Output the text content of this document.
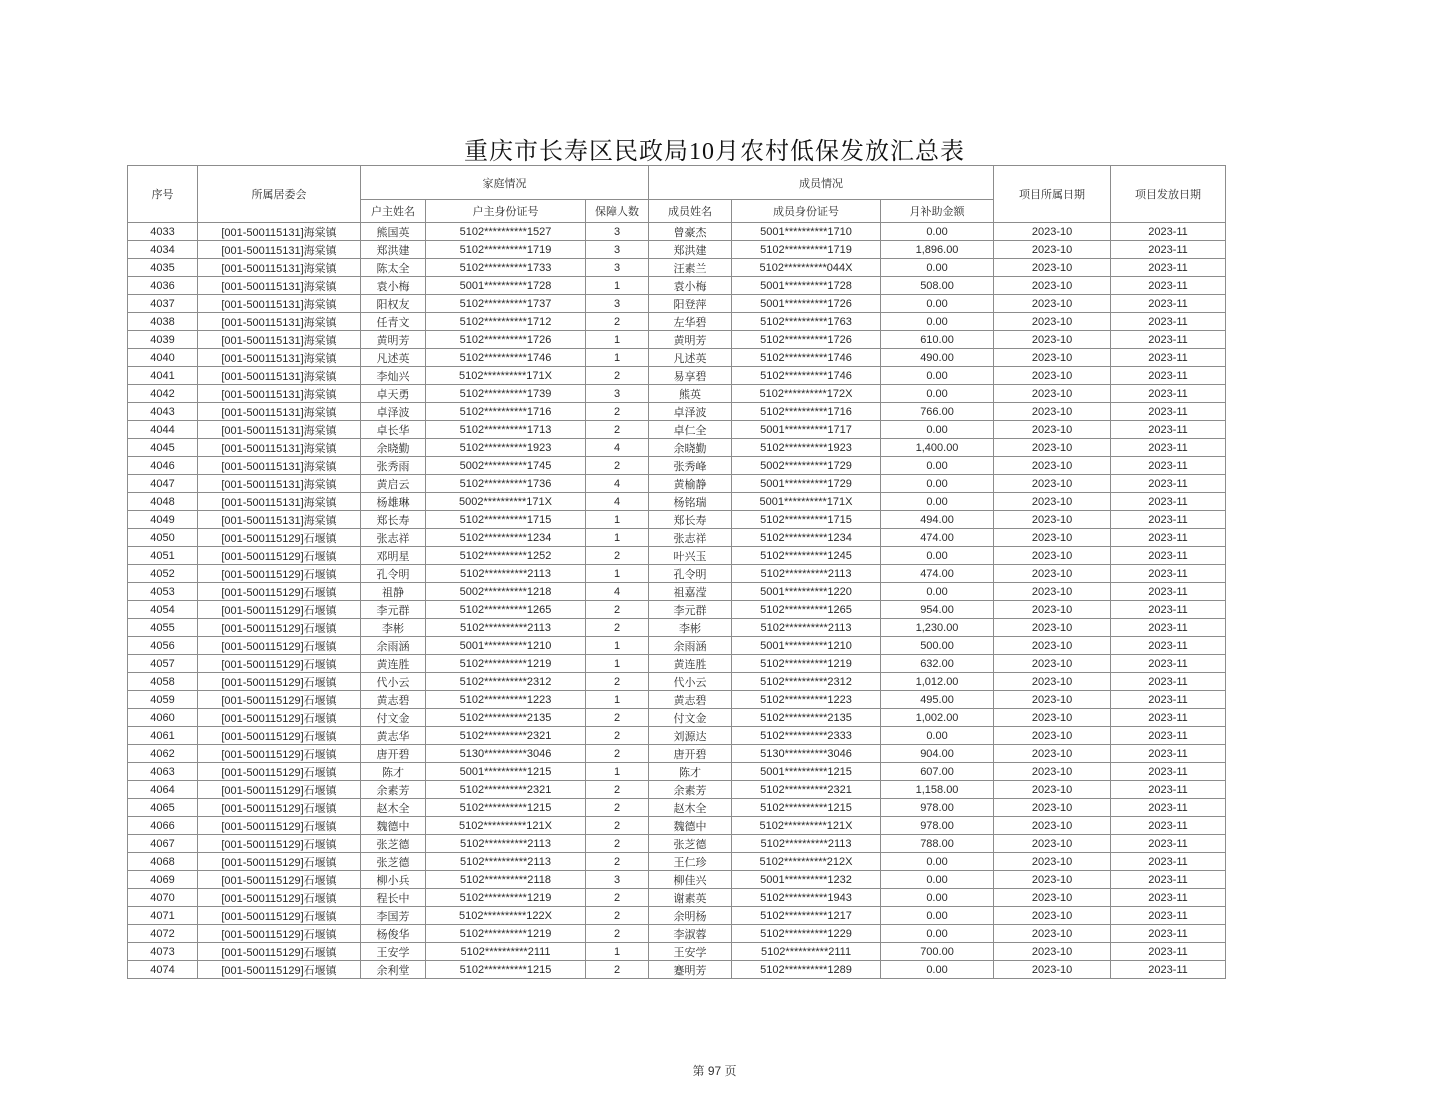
重庆市长寿区民政局10月农村低保发放汇总表
序号	所属居委会	家庭情况			成员情况			项目所属日期	项目发放日期
		户主姓名	户主身份证号	保障人数	成员姓名	成员身份证号	月补助金额		
4033	[001-500115131]海棠镇	熊国英	5102**********1527	3	曾豪杰	5001**********1710	0.00	2023-10	2023-11
4034	[001-500115131]海棠镇	郑洪建	5102**********1719	3	郑洪建	5102**********1719	1,896.00	2023-10	2023-11
4035	[001-500115131]海棠镇	陈太全	5102**********1733	3	汪素兰	5102**********044X	0.00	2023-10	2023-11
4036	[001-500115131]海棠镇	袁小梅	5001**********1728	1	袁小梅	5001**********1728	508.00	2023-10	2023-11
4037	[001-500115131]海棠镇	阳权友	5102**********1737	3	阳登萍	5001**********1726	0.00	2023-10	2023-11
4038	[001-500115131]海棠镇	任青文	5102**********1712	2	左华碧	5102**********1763	0.00	2023-10	2023-11
4039	[001-500115131]海棠镇	黄明芳	5102**********1726	1	黄明芳	5102**********1726	610.00	2023-10	2023-11
4040	[001-500115131]海棠镇	凡述英	5102**********1746	1	凡述英	5102**********1746	490.00	2023-10	2023-11
4041	[001-500115131]海棠镇	李灿兴	5102**********171X	2	易享碧	5102**********1746	0.00	2023-10	2023-11
4042	[001-500115131]海棠镇	卓天勇	5102**********1739	3	熊英	5102**********172X	0.00	2023-10	2023-11
4043	[001-500115131]海棠镇	卓泽波	5102**********1716	2	卓泽波	5102**********1716	766.00	2023-10	2023-11
4044	[001-500115131]海棠镇	卓长华	5102**********1713	2	卓仁全	5001**********1717	0.00	2023-10	2023-11
4045	[001-500115131]海棠镇	余晓勤	5102**********1923	4	余晓勤	5102**********1923	1,400.00	2023-10	2023-11
4046	[001-500115131]海棠镇	张秀雨	5002**********1745	2	张秀峰	5002**********1729	0.00	2023-10	2023-11
4047	[001-500115131]海棠镇	黄启云	5102**********1736	4	黄榆静	5001**********1729	0.00	2023-10	2023-11
4048	[001-500115131]海棠镇	杨雄琳	5002**********171X	4	杨铭瑞	5001**********171X	0.00	2023-10	2023-11
4049	[001-500115131]海棠镇	郑长寿	5102**********1715	1	郑长寿	5102**********1715	494.00	2023-10	2023-11
4050	[001-500115129]石堰镇	张志祥	5102**********1234	1	张志祥	5102**********1234	474.00	2023-10	2023-11
4051	[001-500115129]石堰镇	邓明星	5102**********1252	2	叶兴玉	5102**********1245	0.00	2023-10	2023-11
4052	[001-500115129]石堰镇	孔令明	5102**********2113	1	孔令明	5102**********2113	474.00	2023-10	2023-11
4053	[001-500115129]石堰镇	祖静	5002**********1218	4	祖嘉滢	5001**********1220	0.00	2023-10	2023-11
4054	[001-500115129]石堰镇	李元群	5102**********1265	2	李元群	5102**********1265	954.00	2023-10	2023-11
4055	[001-500115129]石堰镇	李彬	5102**********2113	2	李彬	5102**********2113	1,230.00	2023-10	2023-11
4056	[001-500115129]石堰镇	余雨涵	5001**********1210	1	余雨涵	5001**********1210	500.00	2023-10	2023-11
4057	[001-500115129]石堰镇	黄连胜	5102**********1219	1	黄连胜	5102**********1219	632.00	2023-10	2023-11
4058	[001-500115129]石堰镇	代小云	5102**********2312	2	代小云	5102**********2312	1,012.00	2023-10	2023-11
4059	[001-500115129]石堰镇	黄志碧	5102**********1223	1	黄志碧	5102**********1223	495.00	2023-10	2023-11
4060	[001-500115129]石堰镇	付文金	5102**********2135	2	付文金	5102**********2135	1,002.00	2023-10	2023-11
4061	[001-500115129]石堰镇	黄志华	5102**********2321	2	刘源达	5102**********2333	0.00	2023-10	2023-11
4062	[001-500115129]石堰镇	唐开碧	5130**********3046	2	唐开碧	5130**********3046	904.00	2023-10	2023-11
4063	[001-500115129]石堰镇	陈才	5001**********1215	1	陈才	5001**********1215	607.00	2023-10	2023-11
4064	[001-500115129]石堰镇	余素芳	5102**********2321	2	余素芳	5102**********2321	1,158.00	2023-10	2023-11
4065	[001-500115129]石堰镇	赵木全	5102**********1215	2	赵木全	5102**********1215	978.00	2023-10	2023-11
4066	[001-500115129]石堰镇	魏德中	5102**********121X	2	魏德中	5102**********121X	978.00	2023-10	2023-11
4067	[001-500115129]石堰镇	张芝德	5102**********2113	2	张芝德	5102**********2113	788.00	2023-10	2023-11
4068	[001-500115129]石堰镇	张芝德	5102**********2113	2	王仁珍	5102**********212X	0.00	2023-10	2023-11
4069	[001-500115129]石堰镇	柳小兵	5102**********2118	3	柳佳兴	5001**********1232	0.00	2023-10	2023-11
4070	[001-500115129]石堰镇	程长中	5102**********1219	2	谢素英	5102**********1943	0.00	2023-10	2023-11
4071	[001-500115129]石堰镇	李国芳	5102**********122X	2	余明杨	5102**********1217	0.00	2023-10	2023-11
4072	[001-500115129]石堰镇	杨俊华	5102**********1219	2	李淑蓉	5102**********1229	0.00	2023-10	2023-11
4073	[001-500115129]石堰镇	王安学	5102**********2111	1	王安学	5102**********2111	700.00	2023-10	2023-11
4074	[001-500115129]石堰镇	余利堂	5102**********1215	2	蹇明芳	5102**********1289	0.00	2023-10	2023-11
第 97 页
